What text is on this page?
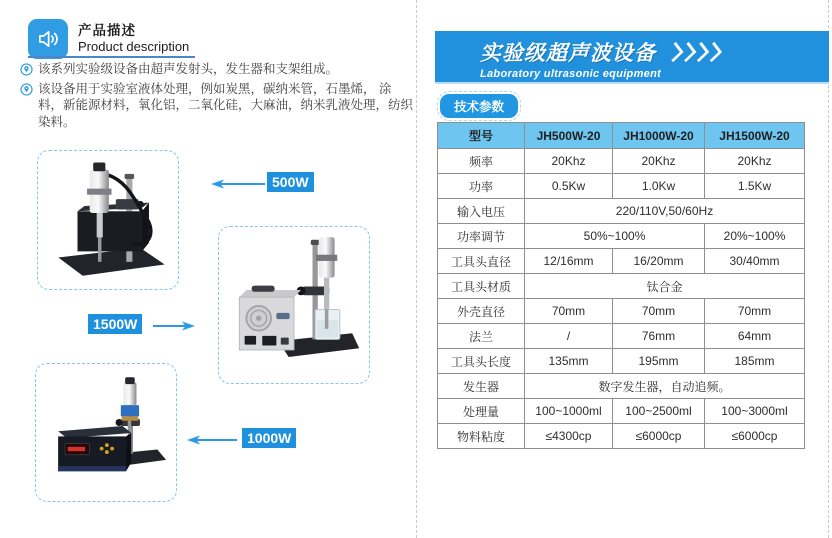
产品描述
Product description
该系列实验级设备由超声发射头，发生器和支架组成。
该设备用于实验室液体处理，例如炭黑，碳纳米管，石墨烯， 涂料，新能源材料，氧化铝，二氧化硅，大麻油，纳米乳液处理，纺织染料。
500W
1500W
1000W
实验级超声波设备
Laboratory ultrasonic equipment
技术参数
型号	JH500W-20	JH1000W-20	JH1500W-20
频率	20Khz	20Khz	20Khz
功率	0.5Kw	1.0Kw	1.5Kw
输入电压	220/110V,50/60Hz		
功率调节	50%~100%		20%~100%
工具头直径	12/16mm	16/20mm	30/40mm
工具头材质	钛合金		
外壳直径	70mm	70mm	70mm
法兰	/	76mm	64mm
工具头长度	135mm	195mm	185mm
发生器	数字发生器，自动追频。		
处理量	100~1000ml	100~2500ml	100~3000ml
物料粘度	≤4300cp	≤6000cp	≤6000cp
